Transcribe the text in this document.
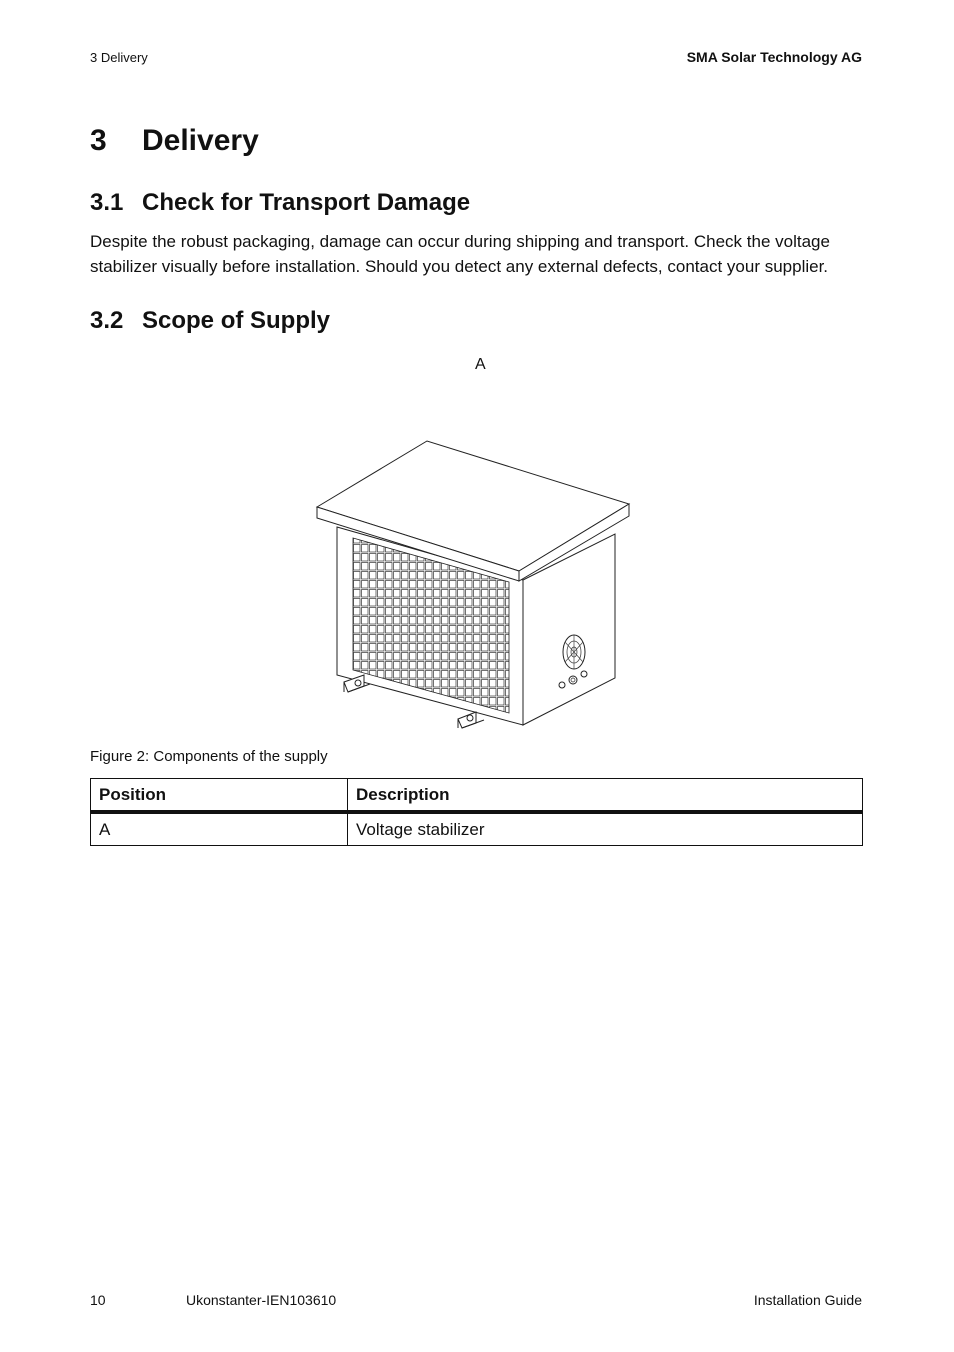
3 Delivery	SMA Solar Technology AG
3 Delivery
3.1 Check for Transport Damage

Despite the robust packaging, damage can occur during shipping and transport. Check the voltage stabilizer visually before installation. Should you detect any external defects, contact your supplier.

3.2 Scope of Supply
A
Figure 2: Components of the supply
Position	Description
A	Voltage stabilizer
10	Ukonstanter-IEN103610	Installation Guide
